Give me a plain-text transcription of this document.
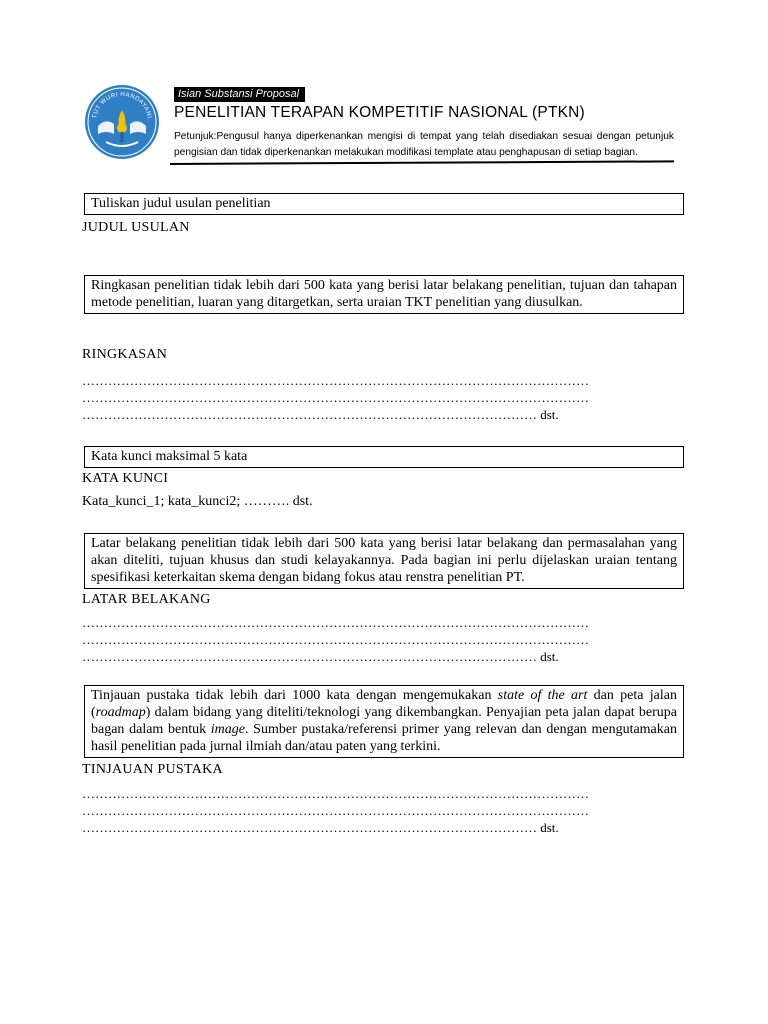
TUT WURI HANDAYANI
Isian Substansi Proposal
PENELITIAN TERAPAN KOMPETITIF NASIONAL (PTKN)
Petunjuk:Pengusul hanya diperkenankan mengisi di tempat yang telah disediakan sesuai dengan petunjuk pengisian dan tidak diperkenankan melakukan modifikasi template atau penghapusan di setiap bagian.
Tuliskan judul usulan penelitian
JUDUL USULAN
Ringkasan penelitian tidak lebih dari 500 kata yang berisi latar belakang penelitian, tujuan dan tahapan metode penelitian, luaran yang ditargetkan, serta uraian TKT penelitian yang diusulkan.
RINGKASAN
………………………………………………………………………………………………………
………………………………………………………………………………………………………
…………………………………………………………………………………………… dst.
Kata kunci maksimal 5 kata
KATA KUNCI
Kata_kunci_1; kata_kunci2; ………. dst.
Latar belakang penelitian tidak lebih dari 500 kata yang berisi latar belakang dan permasalahan yang akan diteliti, tujuan khusus dan studi kelayakannya. Pada bagian ini perlu dijelaskan uraian tentang spesifikasi keterkaitan skema dengan bidang fokus atau renstra penelitian PT.
LATAR BELAKANG
………………………………………………………………………………………………………
………………………………………………………………………………………………………
…………………………………………………………………………………………… dst.
Tinjauan pustaka tidak lebih dari 1000 kata dengan mengemukakan state of the art dan peta jalan (roadmap) dalam bidang yang diteliti/teknologi yang dikembangkan. Penyajian peta jalan dapat berupa bagan dalam bentuk image. Sumber pustaka/referensi primer yang relevan dan dengan mengutamakan hasil penelitian pada jurnal ilmiah dan/atau paten yang terkini.
TINJAUAN PUSTAKA
………………………………………………………………………………………………………
………………………………………………………………………………………………………
…………………………………………………………………………………………… dst.
